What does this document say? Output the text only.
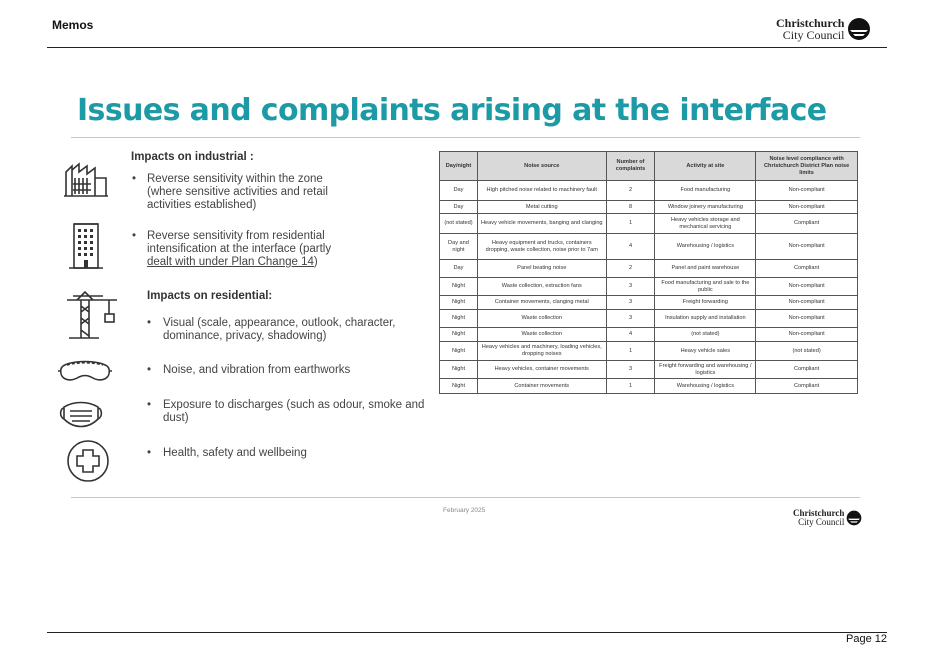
Memos	Christchurch
City Council
Issues and complaints arising at the interface
Impacts on industrial :
• Reverse sensitivity within the zone
(where sensitive activities and retail
activities established)
• Reverse sensitivity from residential
intensification at the interface (partly
dealt with under Plan Change 14)
Impacts on residential:
• Visual (scale, appearance, outlook, character,
dominance, privacy, shadowing)
• Noise, and vibration from earthworks
• Exposure to discharges (such as odour, smoke and
dust)
• Health, safety and wellbeing
Day/night	Noise source	Number of complaints	Activity at site	Noise level compliance with Christchurch District Plan noise limits
Day	High pitched noise related to machinery fault	2	Food manufacturing	Non-compliant
Day	Metal cutting	8	Window joinery manufacturing	Non-compliant
(not stated)	Heavy vehicle movements, banging and clanging	1	Heavy vehicles storage and mechanical servicing	Compliant
Day and night	Heavy equipment and trucks, containers dropping, waste collection, noise prior to 7am	4	Warehousing / logistics	Non-compliant
Day	Panel beating noise	2	Panel and paint warehouse	Compliant
Night	Waste collection, extraction fans	3	Food manufacturing and sale to the public	Non-compliant
Night	Container movements, clanging metal	3	Freight forwarding	Non-compliant
Night	Waste collection	3	Insulation supply and installation	Non-compliant
Night	Waste collection	4	(not stated)	Non-compliant
Night	Heavy vehicles and machinery, loading vehicles, dropping noises	1	Heavy vehicle sales	(not stated)
Night	Heavy vehicles, container movements	3	Freight forwarding and warehousing / logistics	Compliant
Night	Container movements	1	Warehousing / logistics	Compliant
February 2025	Christchurch
City Council
Page 12
